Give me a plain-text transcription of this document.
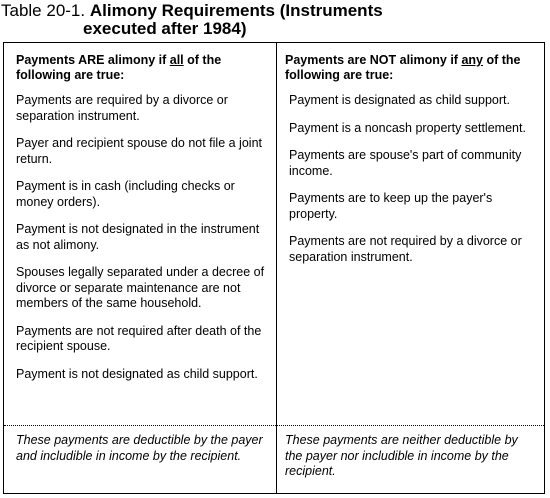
Table 20-1. Alimony Requirements (Instruments
executed after 1984)
Payments ARE alimony if all of the following are true:
Payments are required by a divorce or separation instrument.
Payer and recipient spouse do not file a joint return.
Payment is in cash (including checks or money orders).
Payment is not designated in the instrument as not alimony.
Spouses legally separated under a decree of divorce or separate maintenance are not members of the same household.
Payments are not required after death of the recipient spouse.
Payment is not designated as child support.
These payments are deductible by the payer and includible in income by the recipient.
Payments are NOT alimony if any of the following are true:
Payment is designated as child support.
Payment is a noncash property settlement.
Payments are spouse's part of community income.
Payments are to keep up the payer's property.
Payments are not required by a divorce or separation instrument.
These payments are neither deductible by the payer nor includible in income by the recipient.
